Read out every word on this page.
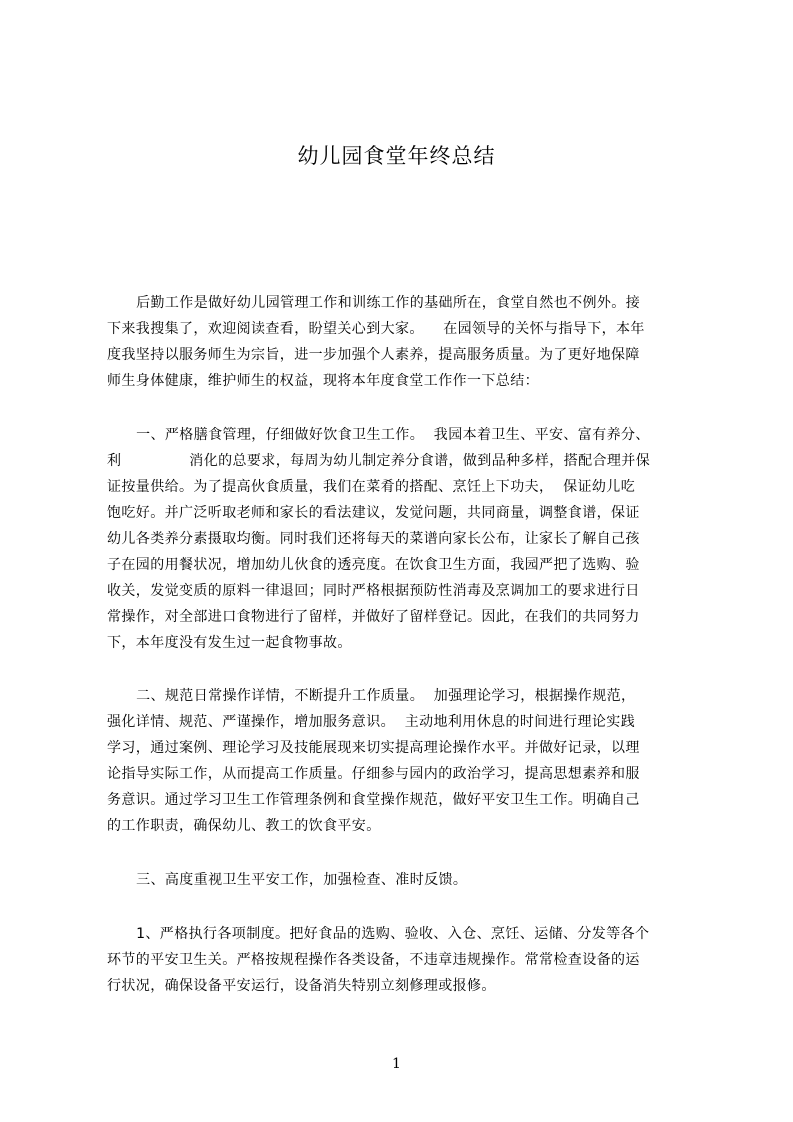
幼儿园食堂年终总结
后勤工作是做好幼儿园管理工作和训练工作的基础所在，食堂自然也不例外。接
下来我搜集了，欢迎阅读查看，盼望关心到大家。    在园领导的关怀与指导下，本年
度我坚持以服务师生为宗旨，进一步加强个人素养，提高服务质量。为了更好地保障
师生身体健康，维护师生的权益，现将本年度食堂工作作一下总结：
一、严格膳食管理，仔细做好饮食卫生工作。  我园本着卫生、平安、富有养分、
利              消化的总要求，每周为幼儿制定养分食谱，做到品种多样，搭配合理并保
证按量供给。为了提高伙食质量，我们在菜肴的搭配、烹饪上下功夫，  保证幼儿吃
饱吃好。并广泛听取老师和家长的看法建议，发觉问题，共同商量，调整食谱，保证
幼儿各类养分素摄取均衡。同时我们还将每天的菜谱向家长公布，让家长了解自己孩
子在园的用餐状况，增加幼儿伙食的透亮度。在饮食卫生方面，我园严把了选购、验
收关，发觉变质的原料一律退回；同时严格根据预防性消毒及烹调加工的要求进行日
常操作，对全部进口食物进行了留样，并做好了留样登记。因此，在我们的共同努力
下，本年度没有发生过一起食物事故。
二、规范日常操作详情，不断提升工作质量。  加强理论学习，根据操作规范，
强化详情、规范、严谨操作，增加服务意识。  主动地利用休息的时间进行理论实践
学习，通过案例、理论学习及技能展现来切实提高理论操作水平。并做好记录，以理
论指导实际工作，从而提高工作质量。仔细参与园内的政治学习，提高思想素养和服
务意识。通过学习卫生工作管理条例和食堂操作规范，做好平安卫生工作。明确自己
的工作职责，确保幼儿、教工的饮食平安。
三、高度重视卫生平安工作，加强检查、准时反馈。
1、严格执行各项制度。把好食品的选购、验收、入仓、烹饪、运储、分发等各个
环节的平安卫生关。严格按规程操作各类设备，不违章违规操作。常常检查设备的运
行状况，确保设备平安运行，设备消失特别立刻修理或报修。
1
